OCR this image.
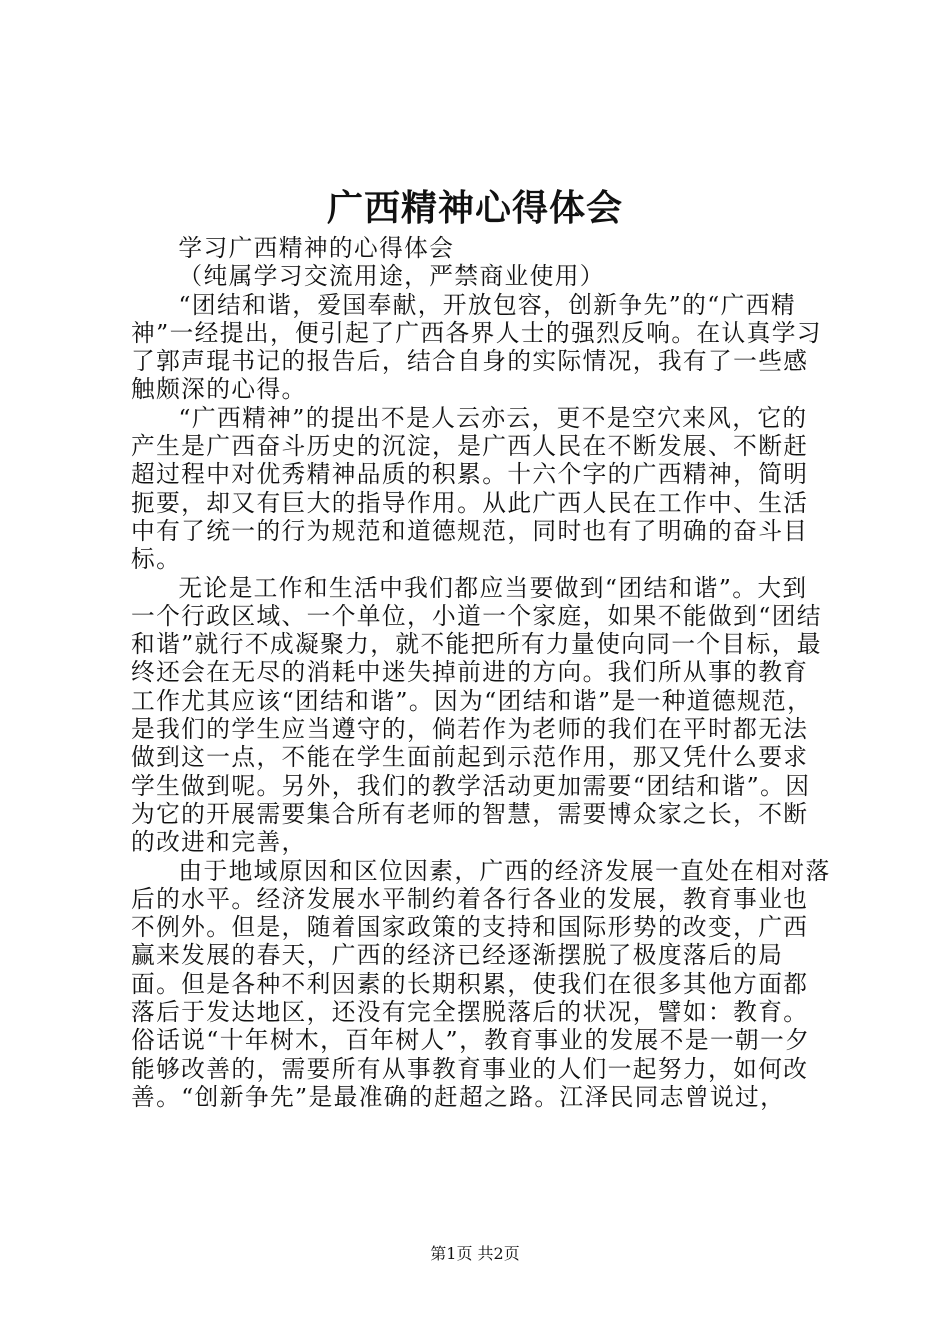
广西精神心得体会

学习广西精神的心得体会

（纯属学习交流用途，严禁商业使用）

“团结和谐，爱国奉献，开放包容，创新争先”的“广西精神”一经提出，便引起了广西各界人士的强烈反响。在认真学习了郭声琨书记的报告后，结合自身的实际情况，我有了一些感触颇深的心得。

“广西精神”的提出不是人云亦云，更不是空穴来风，它的产生是广西奋斗历史的沉淀，是广西人民在不断发展、不断赶超过程中对优秀精神品质的积累。十六个字的广西精神，简明扼要，却又有巨大的指导作用。从此广西人民在工作中、生活中有了统一的行为规范和道德规范，同时也有了明确的奋斗目标。

无论是工作和生活中我们都应当要做到“团结和谐”。大到一个行政区域、一个单位，小道一个家庭，如果不能做到“团结和谐”就行不成凝聚力，就不能把所有力量使向同一个目标，最终还会在无尽的消耗中迷失掉前进的方向。我们所从事的教育工作尤其应该“团结和谐”。因为“团结和谐”是一种道德规范，是我们的学生应当遵守的，倘若作为老师的我们在平时都无法做到这一点，不能在学生面前起到示范作用，那又凭什么要求学生做到呢。另外，我们的教学活动更加需要“团结和谐”。因为它的开展需要集合所有老师的智慧，需要博众家之长，不断的改进和完善，

由于地域原因和区位因素，广西的经济发展一直处在相对落后的水平。经济发展水平制约着各行各业的发展，教育事业也不例外。但是，随着国家政策的支持和国际形势的改变，广西赢来发展的春天，广西的经济已经逐渐摆脱了极度落后的局面。但是各种不利因素的长期积累，使我们在很多其他方面都落后于发达地区，还没有完全摆脱落后的状况，譬如：教育。俗话说“十年树木，百年树人”，教育事业的发展不是一朝一夕能够改善的，需要所有从事教育事业的人们一起努力，如何改善。“创新争先”是最准确的赶超之路。江泽民同志曾说过，

第1页 共2页
